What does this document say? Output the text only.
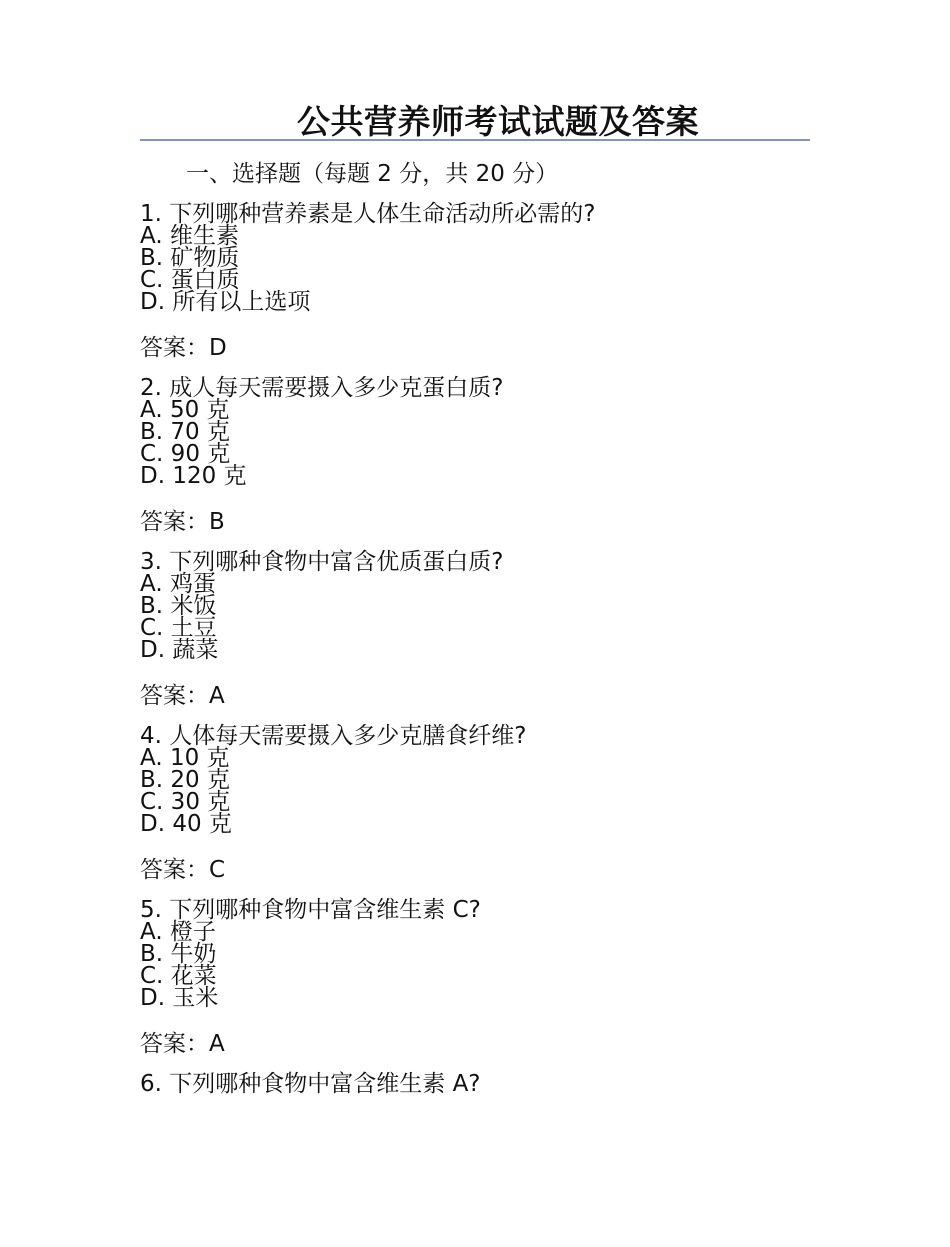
公共营养师考试试题及答案
一、选择题（每题 2 分，共 20 分）
1. 下列哪种营养素是人体生命活动所必需的?
A. 维生素
B. 矿物质
C. 蛋白质
D. 所有以上选项
答案：D
2. 成人每天需要摄入多少克蛋白质?
A. 50 克
B. 70 克
C. 90 克
D. 120 克
答案：B
3. 下列哪种食物中富含优质蛋白质?
A. 鸡蛋
B. 米饭
C. 土豆
D. 蔬菜
答案：A
4. 人体每天需要摄入多少克膳食纤维?
A. 10 克
B. 20 克
C. 30 克
D. 40 克
答案：C
5. 下列哪种食物中富含维生素 C?
A. 橙子
B. 牛奶
C. 花菜
D. 玉米
答案：A
6. 下列哪种食物中富含维生素 A?
